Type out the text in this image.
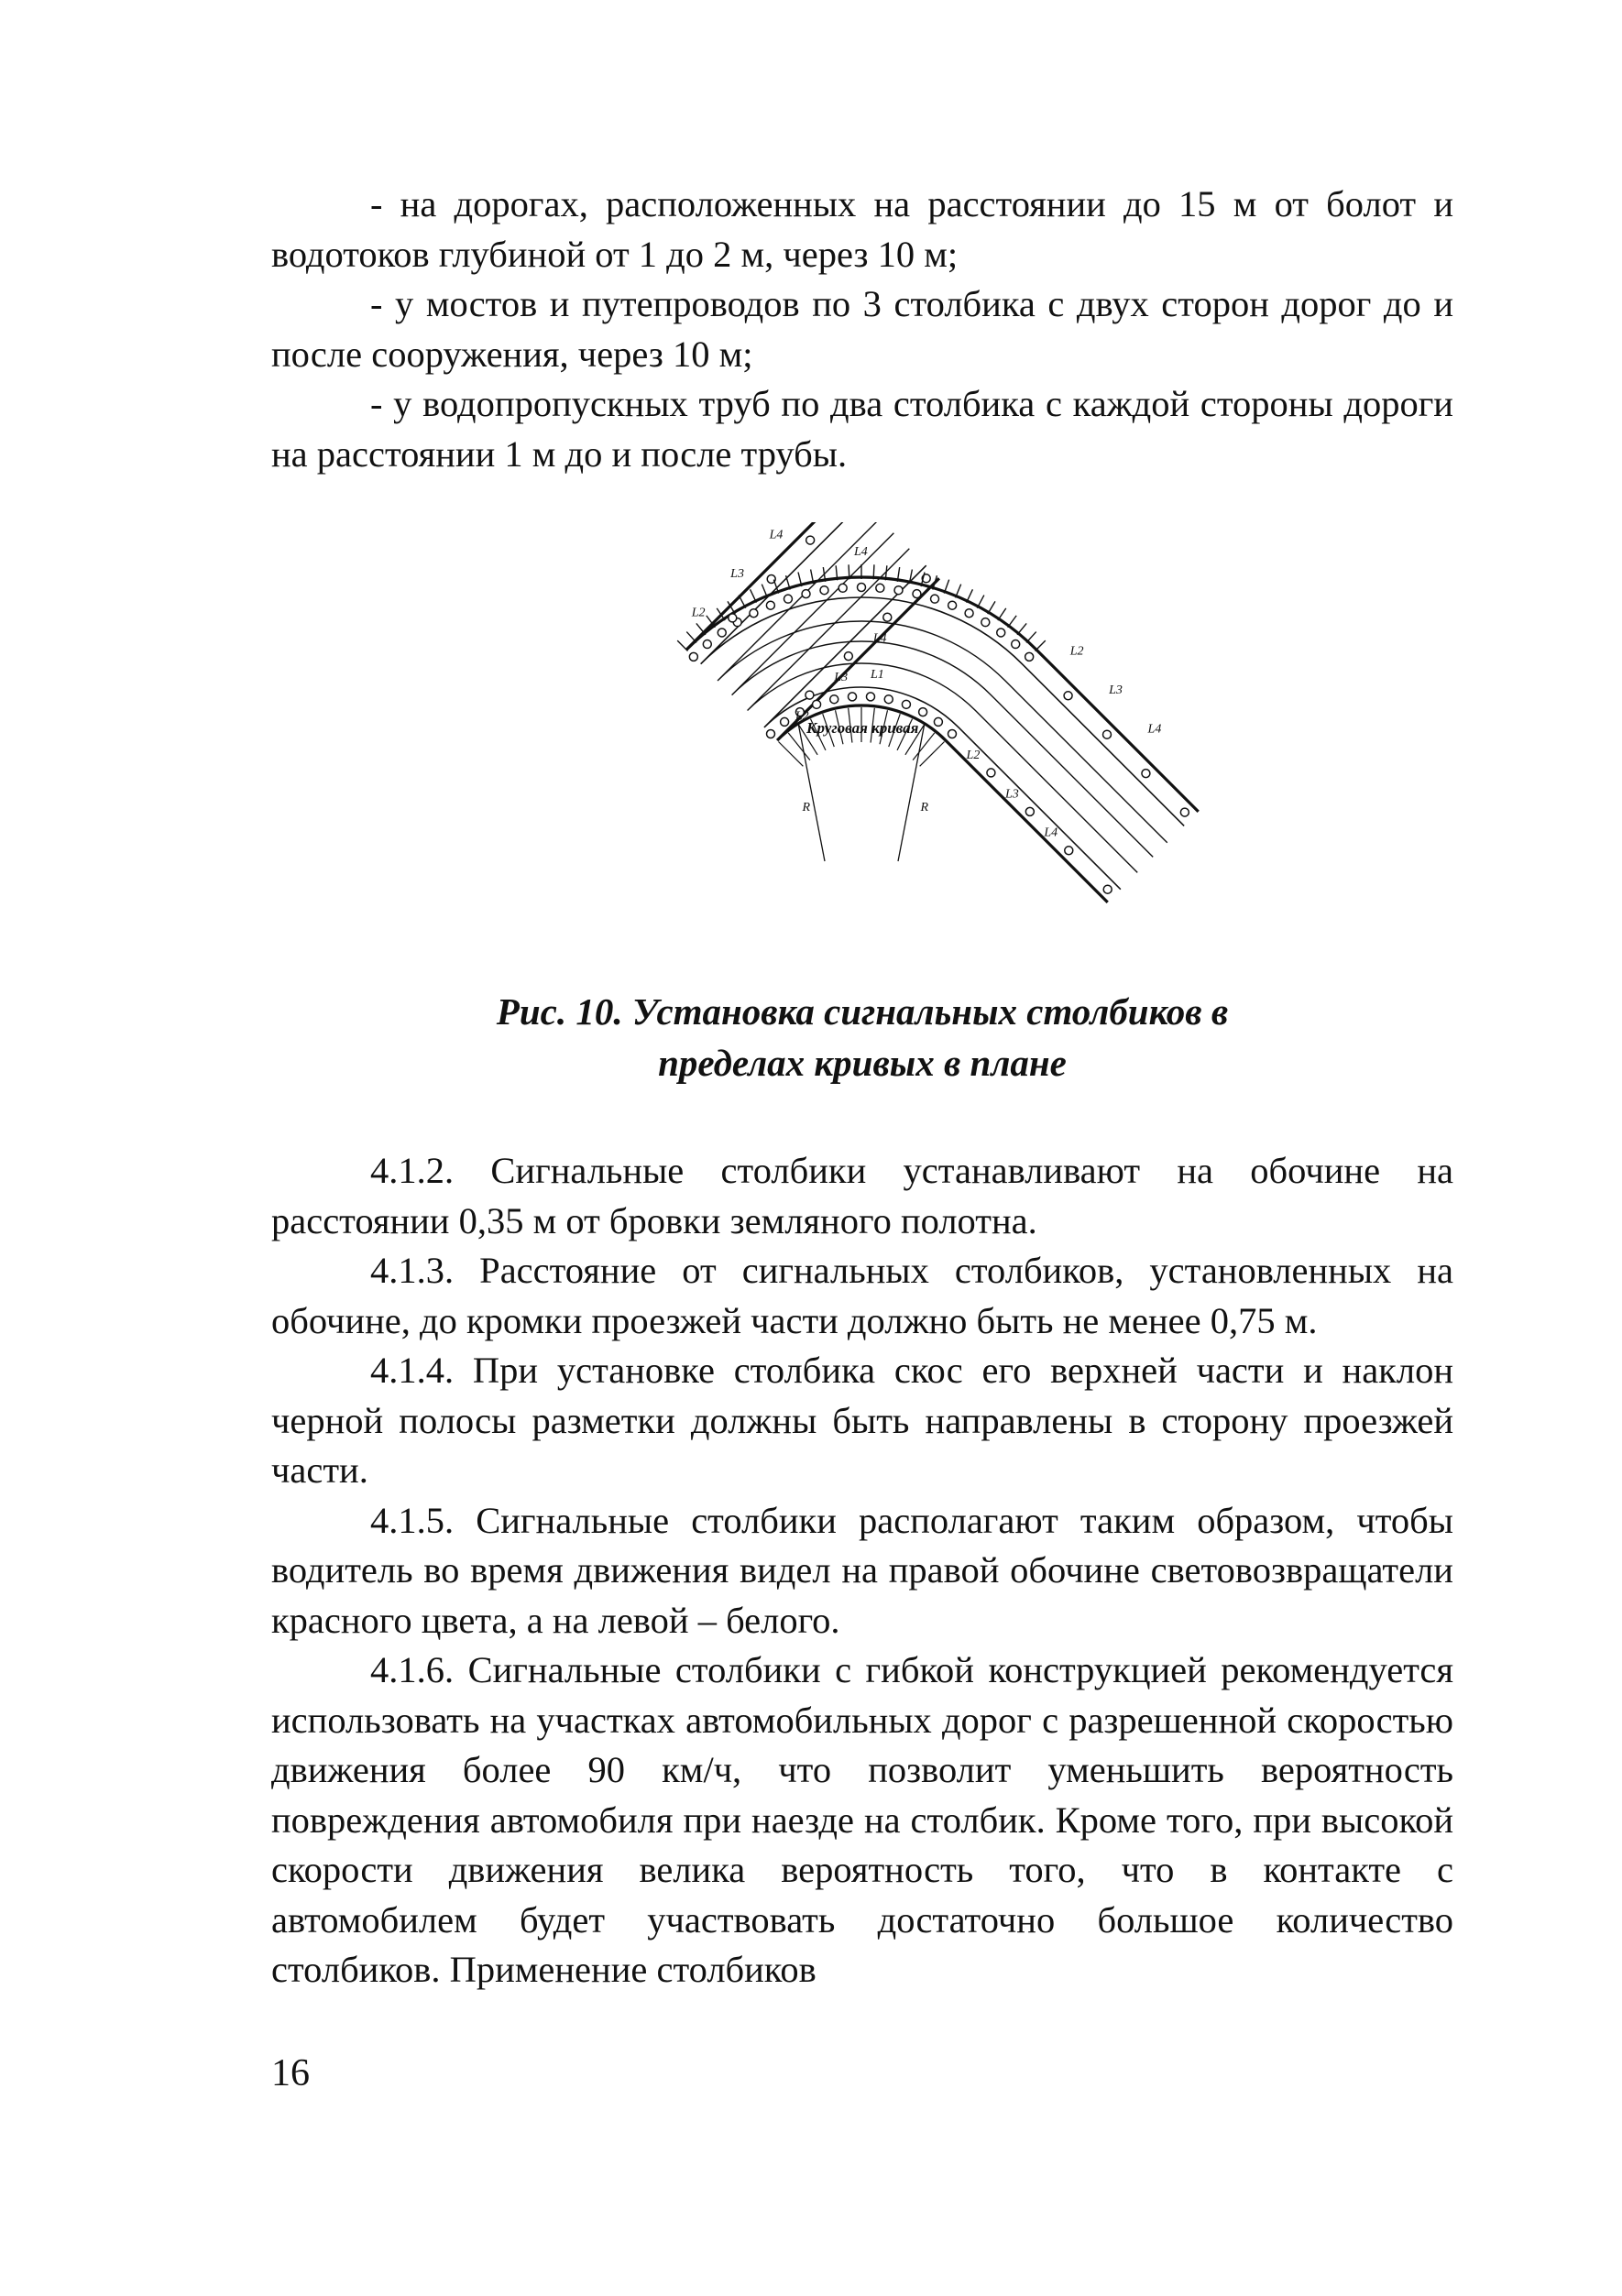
- на дорогах, расположенных на расстоянии до 15 м от болот и водотоков глубиной от 1 до 2 м, через 10 м;

- у мостов и путепроводов по 3 столбика с двух сторон дорог до и после сооружения, через 10 м;

- у водопропускных труб по два столбика с каждой стороны дороги на расстоянии 1 м до и после трубы.

R	R
Круговая кривая
L4
L1
L2
L3
L4
L2
L3
L4
L2
L3
L4
L2
L3
L4
Рис. 10. Установка сигнальных столбиков в
пределах кривых в плане

4.1.2. Сигнальные столбики устанавливают на обочине на расстоянии 0,35 м от бровки земляного полотна.

4.1.3. Расстояние от сигнальных столбиков, установленных на обочине, до кромки проезжей части должно быть не менее 0,75 м.

4.1.4. При установке столбика скос его верхней части и наклон черной полосы разметки должны быть направлены в сторону проезжей части.

4.1.5. Сигнальные столбики располагают таким образом, чтобы водитель во время движения видел на правой обочине световозвращатели красного цвета, а на левой – белого.

4.1.6. Сигнальные столбики с гибкой конструкцией рекомендуется использовать на участках автомобильных дорог с разрешенной скоростью движения более 90 км/ч, что позволит уменьшить вероятность повреждения автомобиля при наезде на столбик. Кроме того, при высокой скорости движения велика вероятность того, что в контакте с автомобилем будет участвовать достаточно большое количество столбиков. Применение столбиков

16
